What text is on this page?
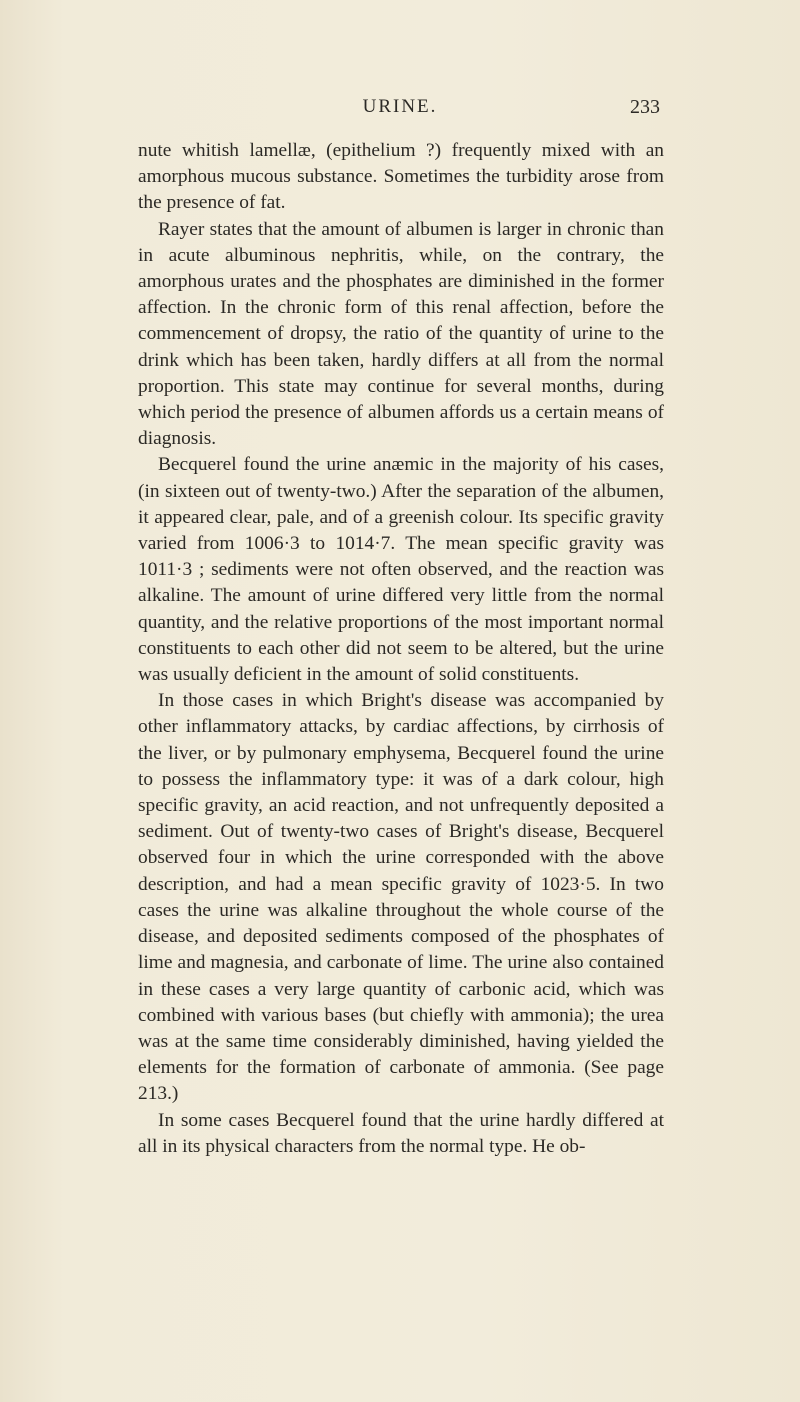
URINE.	233

nute whitish lamellæ, (epithelium ?) frequently mixed with an amorphous mucous substance. Sometimes the turbidity arose from the presence of fat.

Rayer states that the amount of albumen is larger in chronic than in acute albuminous nephritis, while, on the contrary, the amorphous urates and the phosphates are diminished in the former affection. In the chronic form of this renal affection, before the commencement of dropsy, the ratio of the quantity of urine to the drink which has been taken, hardly differs at all from the normal proportion. This state may continue for several months, during which period the presence of albumen affords us a certain means of diagnosis.

Becquerel found the urine anæmic in the majority of his cases, (in sixteen out of twenty-two.) After the separation of the albumen, it appeared clear, pale, and of a greenish colour. Its specific gravity varied from 1006·3 to 1014·7. The mean specific gravity was 1011·3 ; sediments were not often observed, and the reaction was alkaline. The amount of urine differed very little from the normal quantity, and the relative proportions of the most important normal constituents to each other did not seem to be altered, but the urine was usually deficient in the amount of solid constituents.

In those cases in which Bright's disease was accompanied by other inflammatory attacks, by cardiac affections, by cirrhosis of the liver, or by pulmonary emphysema, Becquerel found the urine to possess the inflammatory type: it was of a dark colour, high specific gravity, an acid reaction, and not unfrequently deposited a sediment. Out of twenty-two cases of Bright's disease, Becquerel observed four in which the urine corresponded with the above description, and had a mean specific gravity of 1023·5. In two cases the urine was alkaline throughout the whole course of the disease, and deposited sediments composed of the phosphates of lime and magnesia, and carbonate of lime. The urine also contained in these cases a very large quantity of carbonic acid, which was combined with various bases (but chiefly with ammonia); the urea was at the same time considerably diminished, having yielded the elements for the formation of carbonate of ammonia. (See page 213.)

In some cases Becquerel found that the urine hardly differed at all in its physical characters from the normal type. He ob-
